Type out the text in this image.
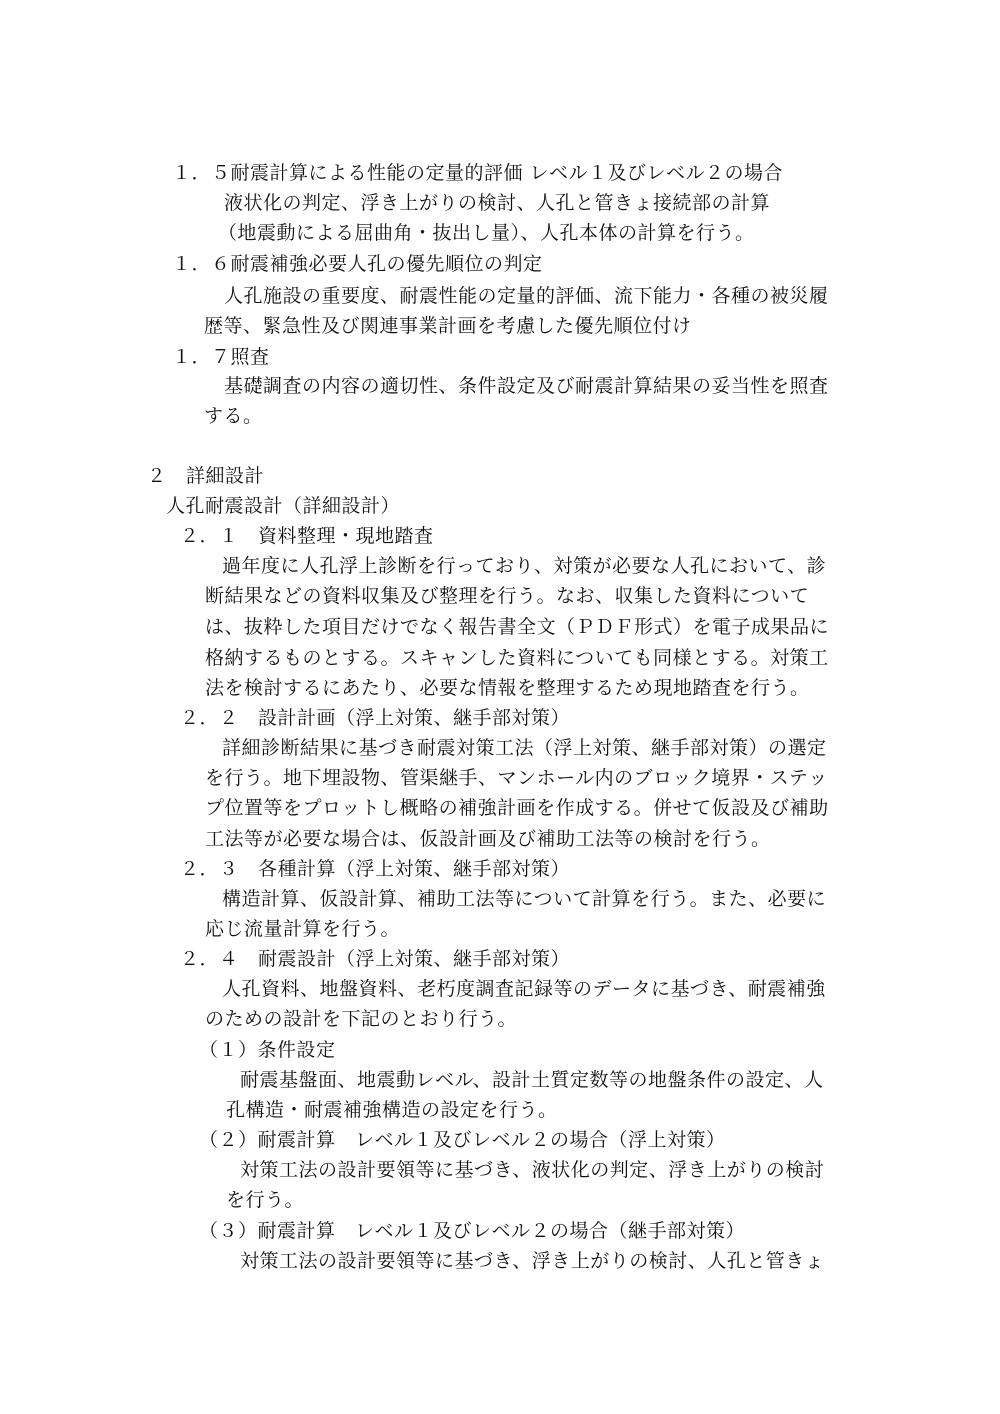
１．５耐震計算による性能の定量的評価 レベル１及びレベル２の場合
液状化の判定、浮き上がりの検討、人孔と管きょ接続部の計算
（地震動による屈曲角・抜出し量）、人孔本体の計算を行う。
１．６耐震補強必要人孔の優先順位の判定
人孔施設の重要度、耐震性能の定量的評価、流下能力・各種の被災履
歴等、緊急性及び関連事業計画を考慮した優先順位付け
１．７照査
基礎調査の内容の適切性、条件設定及び耐震計算結果の妥当性を照査
する。
２　詳細設計
人孔耐震設計（詳細設計）
２．１　資料整理・現地踏査
過年度に人孔浮上診断を行っており、対策が必要な人孔において、診
断結果などの資料収集及び整理を行う。なお、収集した資料について
は、抜粋した項目だけでなく報告書全文（ＰＤＦ形式）を電子成果品に
格納するものとする。スキャンした資料についても同様とする。対策工
法を検討するにあたり、必要な情報を整理するため現地踏査を行う。
２．２　設計計画（浮上対策、継手部対策）
詳細診断結果に基づき耐震対策工法（浮上対策、継手部対策）の選定
を行う。地下埋設物、管渠継手、マンホール内のブロック境界・ステッ
プ位置等をプロットし概略の補強計画を作成する。併せて仮設及び補助
工法等が必要な場合は、仮設計画及び補助工法等の検討を行う。
２．３　各種計算（浮上対策、継手部対策）
構造計算、仮設計算、補助工法等について計算を行う。また、必要に
応じ流量計算を行う。
２．４　耐震設計（浮上対策、継手部対策）
人孔資料、地盤資料、老朽度調査記録等のデータに基づき、耐震補強
のための設計を下記のとおり行う。
（１）条件設定
耐震基盤面、地震動レベル、設計土質定数等の地盤条件の設定、人
孔構造・耐震補強構造の設定を行う。
（２）耐震計算　レベル１及びレベル２の場合（浮上対策）
対策工法の設計要領等に基づき、液状化の判定、浮き上がりの検討
を行う。
（３）耐震計算　レベル１及びレベル２の場合（継手部対策）
対策工法の設計要領等に基づき、浮き上がりの検討、人孔と管きょ
